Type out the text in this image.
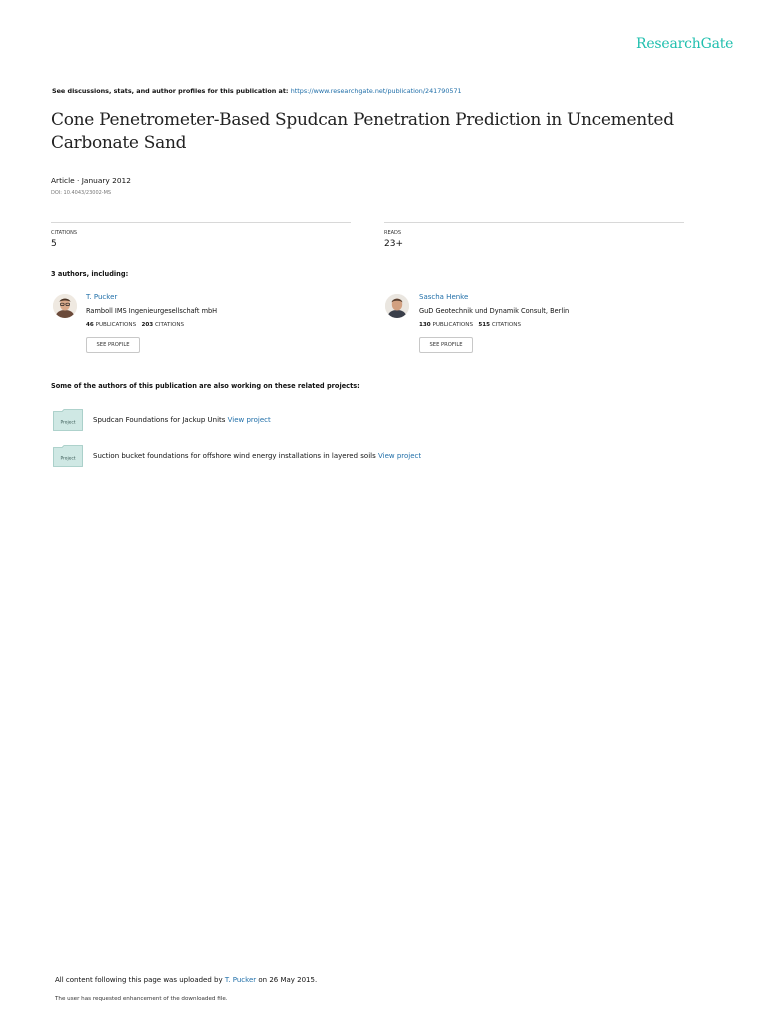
ResearchGate
See discussions, stats, and author profiles for this publication at: https://www.researchgate.net/publication/241790571
Cone Penetrometer-Based Spudcan Penetration Prediction in Uncemented Carbonate Sand
Article · January 2012
DOI: 10.4043/23002-MS
CITATIONS
5
READS
23+
3 authors, including:
T. Pucker
Ramboll IMS Ingenieurgesellschaft mbH
46 PUBLICATIONS 203 CITATIONS
SEE PROFILE
Sascha Henke
GuD Geotechnik und Dynamik Consult, Berlin
130 PUBLICATIONS 515 CITATIONS
SEE PROFILE
Some of the authors of this publication are also working on these related projects:
Project Spudcan Foundations for Jackup Units View project
Project Suction bucket foundations for offshore wind energy installations in layered soils View project
All content following this page was uploaded by T. Pucker on 26 May 2015.
The user has requested enhancement of the downloaded file.
